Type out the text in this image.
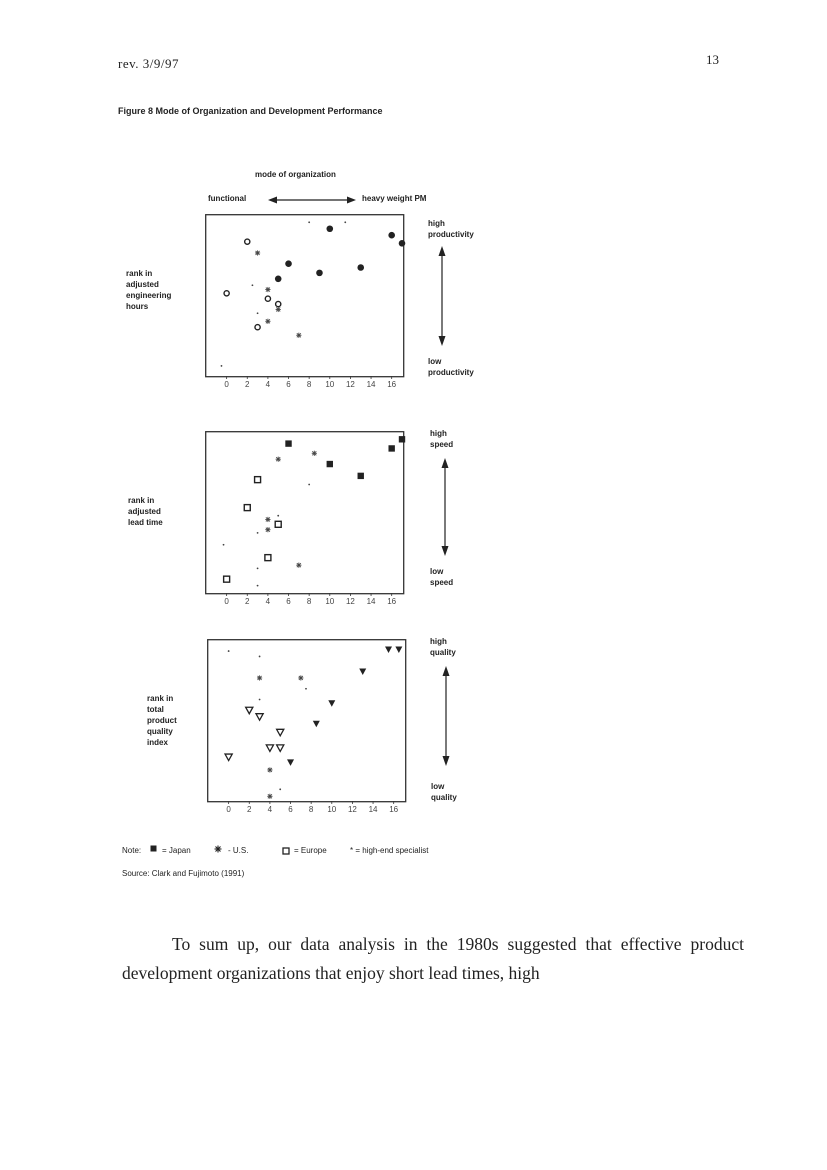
rev. 3/9/97	13
Figure 8 Mode of Organization and Development Performance
mode of organization
functional	heavy weight PM
rank in
adjusted
engineering
hours
0 2 4 6 8 10 12 14 16
high
productivity
low
productivity
rank in
adjusted
lead time
0 2 4 6 8 10 12 14 16
high
speed
low
speed
rank in
total
product
quality
index
0 2 4 6 8 10 12 14 16
high
quality
low
quality
Note:	= Japan	- U.S.	= Europe	* = high-end specialist
Source: Clark and Fujimoto (1991)

To sum up, our data analysis in the 1980s suggested that effective product development organizations that enjoy short lead times, high
